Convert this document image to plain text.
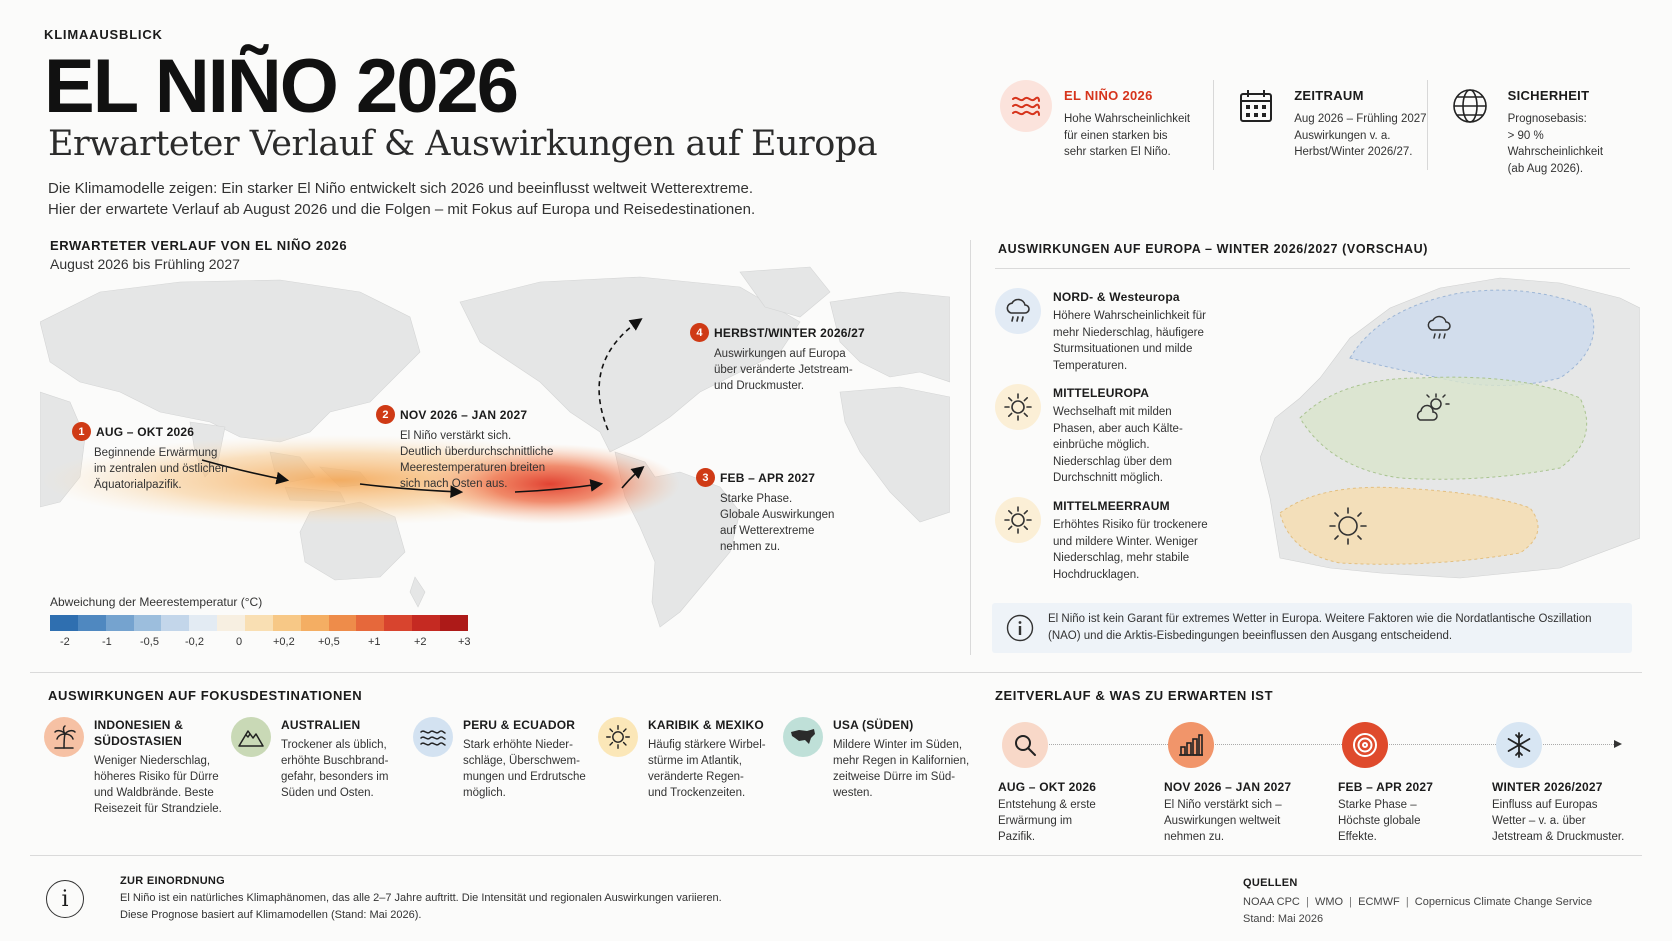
KLIMAAUSBLICK
EL NIÑO 2026
Erwarteter Verlauf & Auswirkungen auf Europa
Die Klimamodelle zeigen: Ein starker El Niño entwickelt sich 2026 und beeinflusst weltweit Wetterextreme.
Hier der erwartete Verlauf ab August 2026 und die Folgen – mit Fokus auf Europa und Reisedestinationen.
EL NIÑO 2026
Hohe Wahrscheinlichkeit
für einen starken bis
sehr starken El Niño.
ZEITRAUM
Aug 2026 – Frühling 2027
Auswirkungen v. a.
Herbst/Winter 2026/27.
SICHERHEIT
Prognosebasis:
> 90 % Wahrscheinlichkeit
(ab Aug 2026).
ERWARTETER VERLAUF VON EL NIÑO 2026
August 2026 bis Frühling 2027
1 AUG – OKT 2026
Beginnende Erwärmung
im zentralen und östlichen
Äquatorialpazifik.
2 NOV 2026 – JAN 2027
El Niño verstärkt sich.
Deutlich überdurchschnittliche
Meerestemperaturen breiten
sich nach Osten aus.
3 FEB – APR 2027
Starke Phase.
Globale Auswirkungen
auf Wetterextreme
nehmen zu.
4 HERBST/WINTER 2026/27
Auswirkungen auf Europa
über veränderte Jetstream-
und Druckmuster.
Abweichung der Meerestemperatur (°C)
-2	-1	-0,5 -0,2	0	+0,2 +0,5	+1	+2	+3
AUSWIRKUNGEN AUF EUROPA – WINTER 2026/2027 (VORSCHAU)
NORD- & Westeuropa
Höhere Wahrscheinlichkeit für
mehr Niederschlag, häufigere
Sturmsituationen und milde
Temperaturen.
MITTELEUROPA
Wechselhaft mit milden
Phasen, aber auch Kälte-
einbrüche möglich.
Niederschlag über dem
Durchschnitt möglich.
MITTELMEERRAUM
Erhöhtes Risiko für trockenere
und mildere Winter. Weniger
Niederschlag, mehr stabile
Hochdrucklagen.
El Niño ist kein Garant für extremes Wetter in Europa. Weitere Faktoren wie die Nordatlantische Oszillation
(NAO) und die Arktis-Eisbedingungen beeinflussen den Ausgang entscheidend.
AUSWIRKUNGEN AUF FOKUSDESTINATIONEN
INDONESIEN &
SÜDOSTASIEN
Weniger Niederschlag,
höheres Risiko für Dürre
und Waldbrände. Beste
Reisezeit für Strandziele.
AUSTRALIEN
Trockener als üblich,
erhöhte Buschbrand-
gefahr, besonders im
Süden und Osten.
PERU & ECUADOR
Stark erhöhte Nieder-
schläge, Überschwem-
mungen und Erdrutsche
möglich.
KARIBIK & MEXIKO
Häufig stärkere Wirbel-
stürme im Atlantik,
veränderte Regen-
und Trockenzeiten.
USA (SÜDEN)
Mildere Winter im Süden,
mehr Regen in Kalifornien,
zeitweise Dürre im Süd-
westen.
ZEITVERLAUF & WAS ZU ERWARTEN IST
AUG – OKT 2026
Entstehung & erste
Erwärmung im
Pazifik.
NOV 2026 – JAN 2027
El Niño verstärkt sich –
Auswirkungen weltweit
nehmen zu.
FEB – APR 2027
Starke Phase –
Höchste globale
Effekte.
WINTER 2026/2027
Einfluss auf Europas
Wetter – v. a. über
Jetstream & Druckmuster.
i
ZUR EINORDNUNG
El Niño ist ein natürliches Klimaphänomen, das alle 2–7 Jahre auftritt. Die Intensität und regionalen Auswirkungen variieren.
Diese Prognose basiert auf Klimamodellen (Stand: Mai 2026).
QUELLEN
NOAA CPC | WMO | ECMWF | Copernicus Climate Change Service
Stand: Mai 2026
